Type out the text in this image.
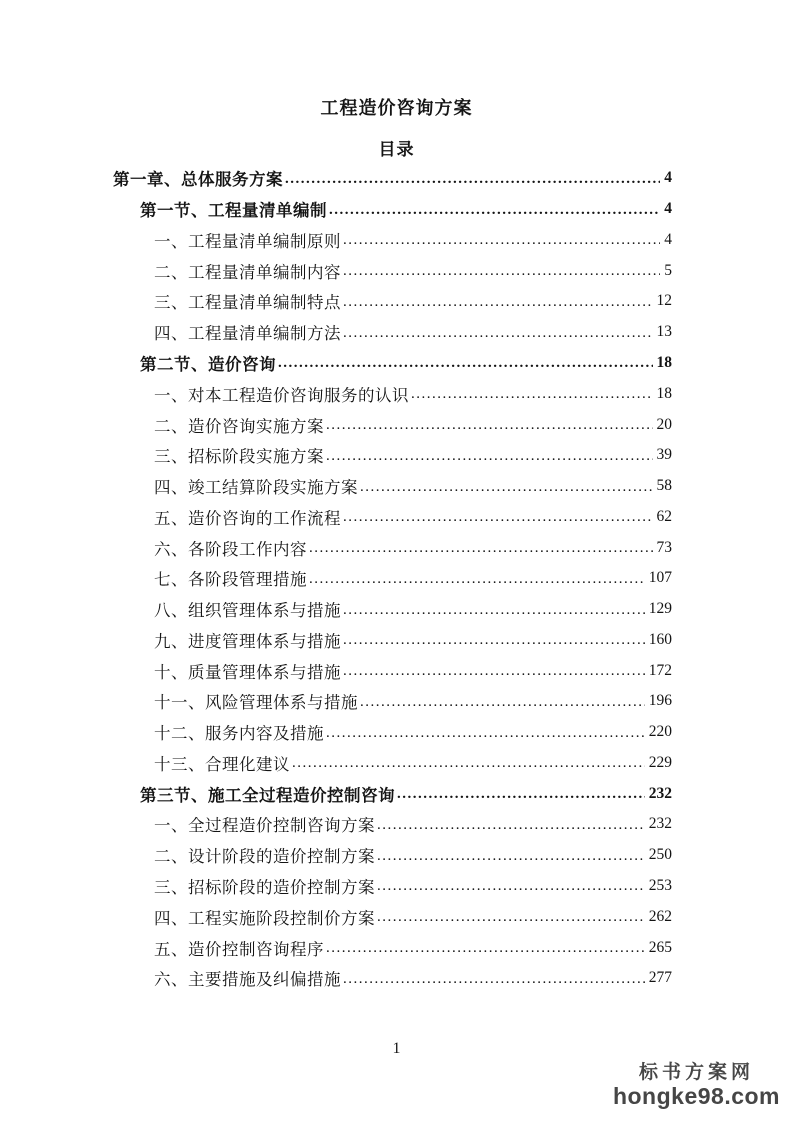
工程造价咨询方案
目录
第一章、总体服务方案 .....	4
第一节、工程量清单编制 .....	4
一、工程量清单编制原则 .....	4
二、工程量清单编制内容 .....	5
三、工程量清单编制特点 .....	12
四、工程量清单编制方法 .....	13
第二节、造价咨询 .....	18
一、对本工程造价咨询服务的认识 .....	18
二、造价咨询实施方案 .....	20
三、招标阶段实施方案 .....	39
四、竣工结算阶段实施方案 .....	58
五、造价咨询的工作流程 .....	62
六、各阶段工作内容 .....	73
七、各阶段管理措施 .....	107
八、组织管理体系与措施 .....	129
九、进度管理体系与措施 .....	160
十、质量管理体系与措施 .....	172
十一、风险管理体系与措施 .....	196
十二、服务内容及措施 .....	220
十三、合理化建议 .....	229
第三节、施工全过程造价控制咨询 .....	232
一、全过程造价控制咨询方案 .....	232
二、设计阶段的造价控制方案 .....	250
三、招标阶段的造价控制方案 .....	253
四、工程实施阶段控制价方案 .....	262
五、造价控制咨询程序 .....	265
六、主要措施及纠偏措施 .....	277
1
标书方案网
hongke98.com
